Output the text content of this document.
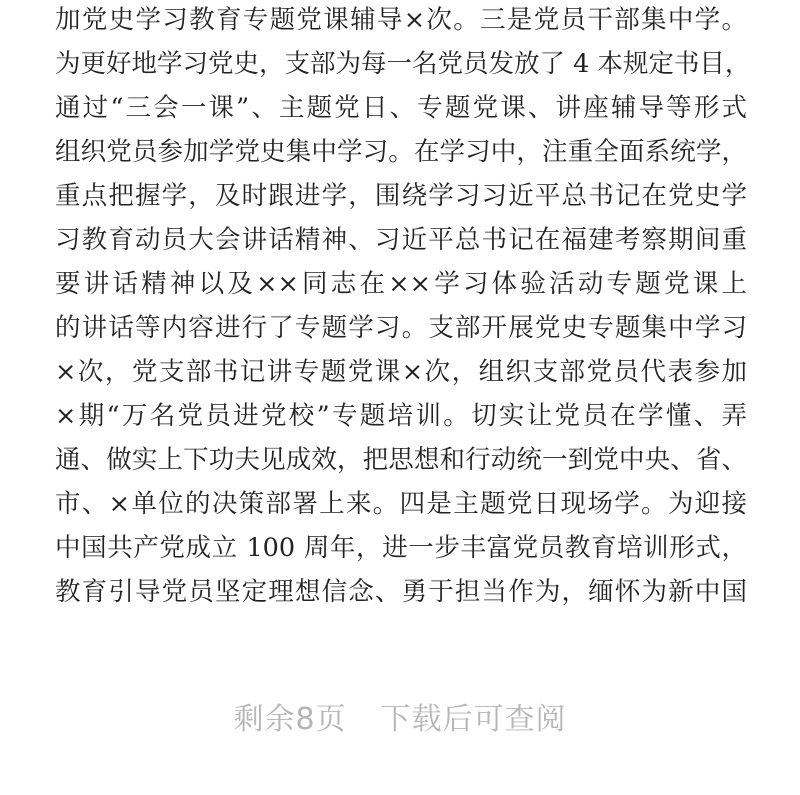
加党史学习教育专题党课辅导×次。三是党员干部集中学。
为更好地学习党史，支部为每一名党员发放了 4 本规定书目，
通过“三会一课”、主题党日、专题党课、讲座辅导等形式
组织党员参加学党史集中学习。在学习中，注重全面系统学，
重点把握学，及时跟进学，围绕学习习近平总书记在党史学
习教育动员大会讲话精神、习近平总书记在福建考察期间重
要讲话精神以及××同志在××学习体验活动专题党课上
的讲话等内容进行了专题学习。支部开展党史专题集中学习
×次，党支部书记讲专题党课×次，组织支部党员代表参加
×期“万名党员进党校”专题培训。切实让党员在学懂、弄
通、做实上下功夫见成效，把思想和行动统一到党中央、省、
市、×单位的决策部署上来。四是主题党日现场学。为迎接
中国共产党成立 100 周年，进一步丰富党员教育培训形式，
教育引导党员坚定理想信念、勇于担当作为，缅怀为新中国
剩余8页 下载后可查阅
